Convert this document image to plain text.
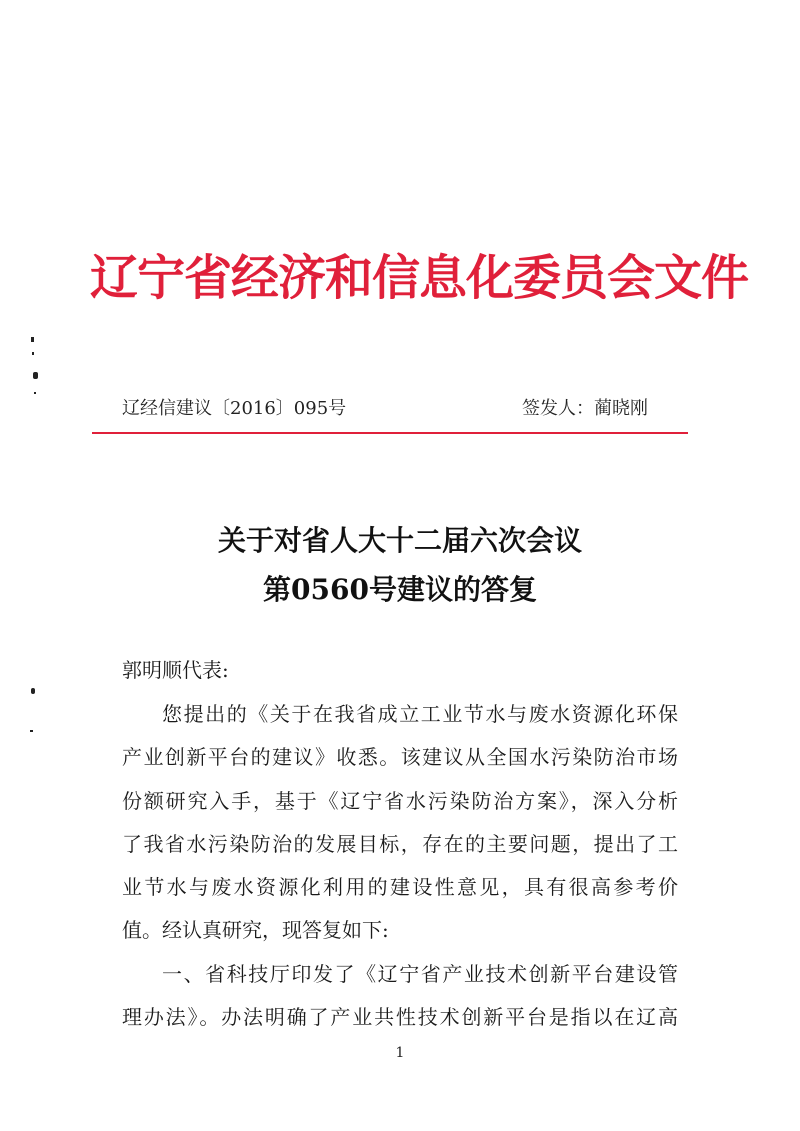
辽宁省经济和信息化委员会文件
辽经信建议〔2016〕095号	签发人：蔺晓刚
关于对省人大十二届六次会议
第0560号建议的答复
郭明顺代表:
您提出的《关于在我省成立工业节水与废水资源化环保
产业创新平台的建议》收悉。该建议从全国水污染防治市场
份额研究入手，基于《辽宁省水污染防治方案》，深入分析
了我省水污染防治的发展目标，存在的主要问题，提出了工
业节水与废水资源化利用的建设性意见，具有很高参考价
值。经认真研究，现答复如下:
一、省科技厅印发了《辽宁省产业技术创新平台建设管
理办法》。办法明确了产业共性技术创新平台是指以在辽高
1
